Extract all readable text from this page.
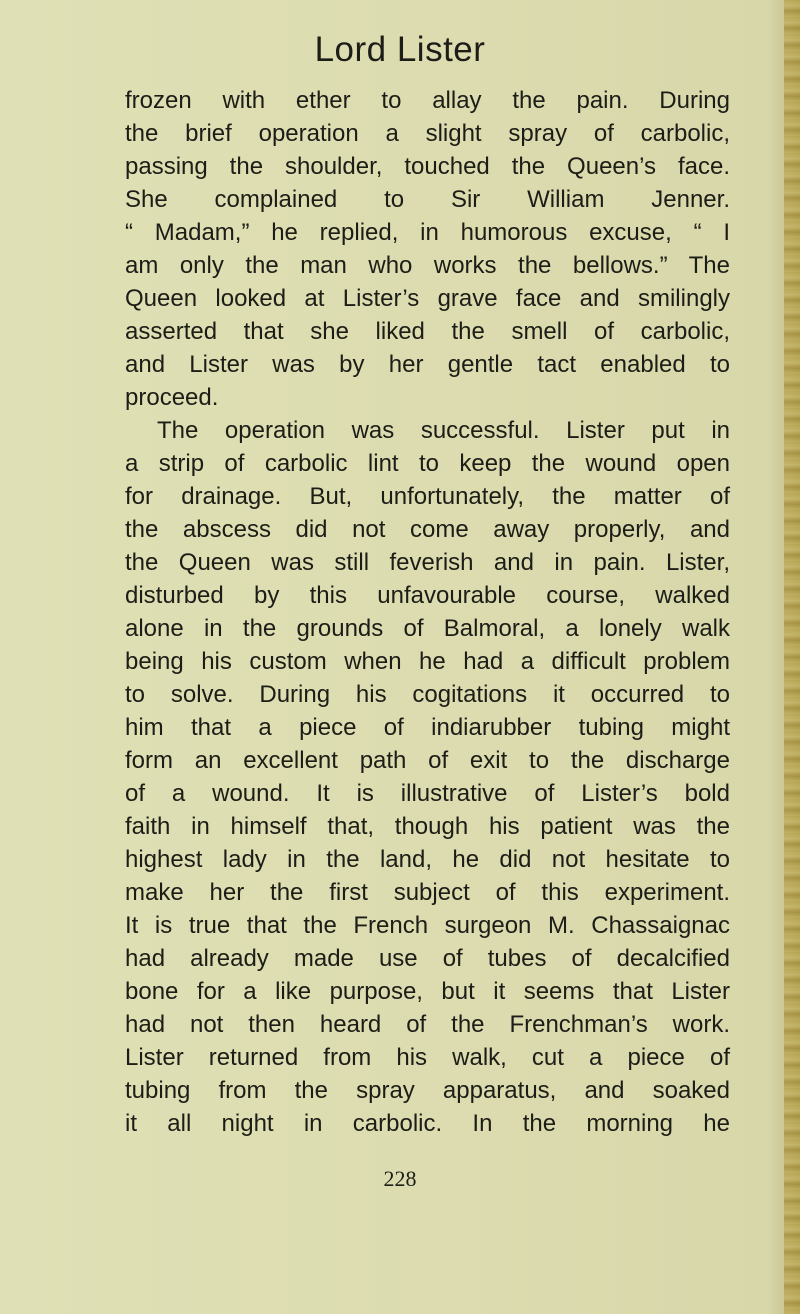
Lord Lister
frozen with ether to allay the pain. During
the brief operation a slight spray of carbolic,
passing the shoulder, touched the Queen’s face.
She complained to Sir William Jenner.
“ Madam,” he replied, in humorous excuse, “ I
am only the man who works the bellows.” The
Queen looked at Lister’s grave face and smilingly
asserted that she liked the smell of carbolic,
and Lister was by her gentle tact enabled to
proceed.
The operation was successful. Lister put in
a strip of carbolic lint to keep the wound open
for drainage. But, unfortunately, the matter of
the abscess did not come away properly, and
the Queen was still feverish and in pain. Lister,
disturbed by this unfavourable course, walked
alone in the grounds of Balmoral, a lonely walk
being his custom when he had a difficult problem
to solve. During his cogitations it occurred to
him that a piece of indiarubber tubing might
form an excellent path of exit to the discharge
of a wound. It is illustrative of Lister’s bold
faith in himself that, though his patient was the
highest lady in the land, he did not hesitate to
make her the first subject of this experiment.
It is true that the French surgeon M. Chassaignac
had already made use of tubes of decalcified
bone for a like purpose, but it seems that Lister
had not then heard of the Frenchman’s work.
Lister returned from his walk, cut a piece of
tubing from the spray apparatus, and soaked
it all night in carbolic. In the morning he
228
